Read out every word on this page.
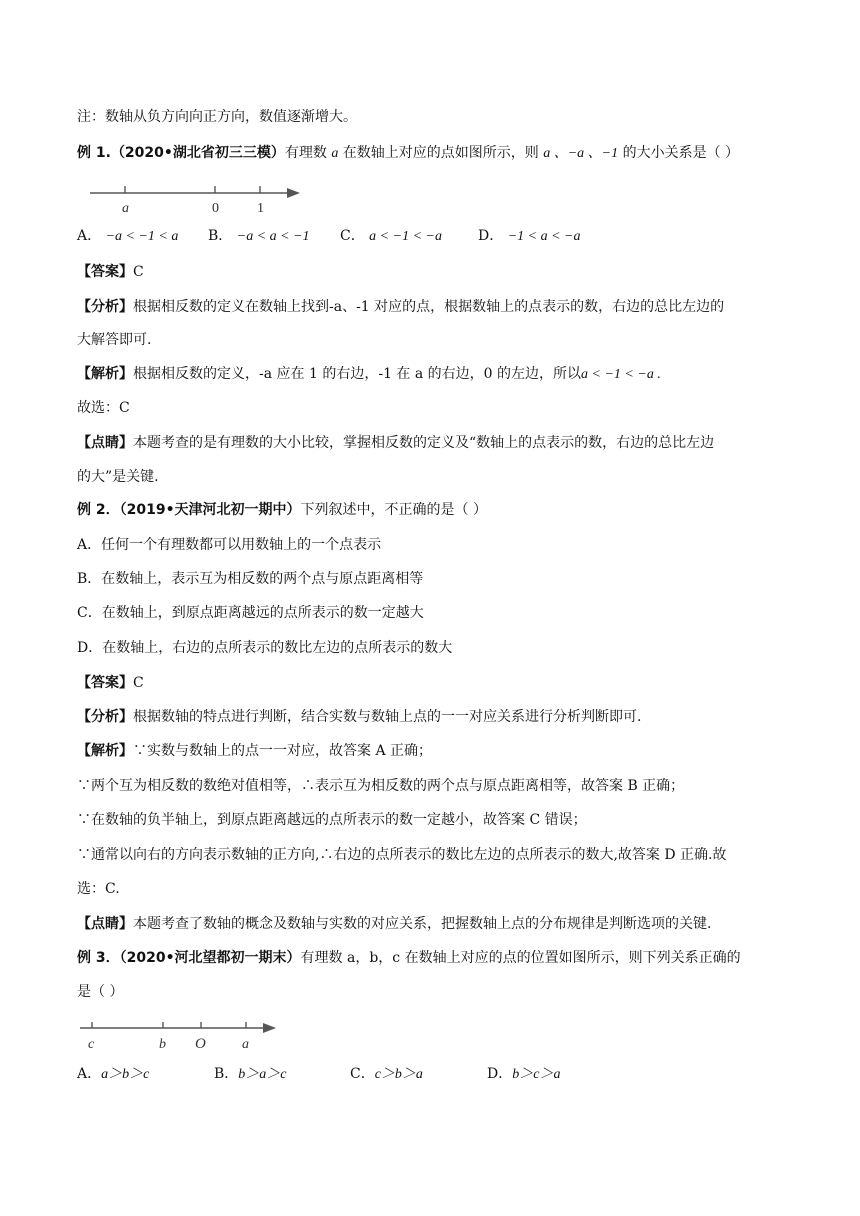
注：数轴从负方向向正方向，数值逐渐增大。
例 1.（2020•湖北省初三三模）有理数 a 在数轴上对应的点如图所示，则 a 、−a 、−1 的大小关系是（ ）
a	0	1
A． −a < −1 < a B． −a < a < −1 C． a < −1 < −a	D． −1 < a < −a
【答案】C
【分析】根据相反数的定义在数轴上找到-a、-1 对应的点，根据数轴上的点表示的数，右边的总比左边的
大解答即可.
【解析】根据相反数的定义，-a 应在 1 的右边，-1 在 a 的右边，0 的左边，所以a < −1 < −a .
故选：C
【点睛】本题考查的是有理数的大小比较，掌握相反数的定义及“数轴上的点表示的数，右边的总比左边
的大”是关键.
例 2．（2019•天津河北初一期中）下列叙述中，不正确的是（ ）
A．任何一个有理数都可以用数轴上的一个点表示
B．在数轴上，表示互为相反数的两个点与原点距离相等
C．在数轴上，到原点距离越远的点所表示的数一定越大
D．在数轴上，右边的点所表示的数比左边的点所表示的数大
【答案】C
【分析】根据数轴的特点进行判断，结合实数与数轴上点的一一对应关系进行分析判断即可.
【解析】∵实数与数轴上的点一一对应，故答案 A 正确；
∵两个互为相反数的数绝对值相等，∴表示互为相反数的两个点与原点距离相等，故答案 B 正确；
∵在数轴的负半轴上，到原点距离越远的点所表示的数一定越小，故答案 C 错误；
∵通常以向右的方向表示数轴的正方向,∴右边的点所表示的数比左边的点所表示的数大,故答案 D 正确.故
选：C.
【点睛】本题考查了数轴的概念及数轴与实数的对应关系，把握数轴上点的分布规律是判断选项的关键.
例 3．（2020•河北望都初一期末）有理数 a，b，c 在数轴上对应的点的位置如图所示，则下列关系正确的
是（ ）
c	b O	a
A．a＞b＞c	B．b＞a＞c	C．c＞b＞a	D．b＞c＞a
